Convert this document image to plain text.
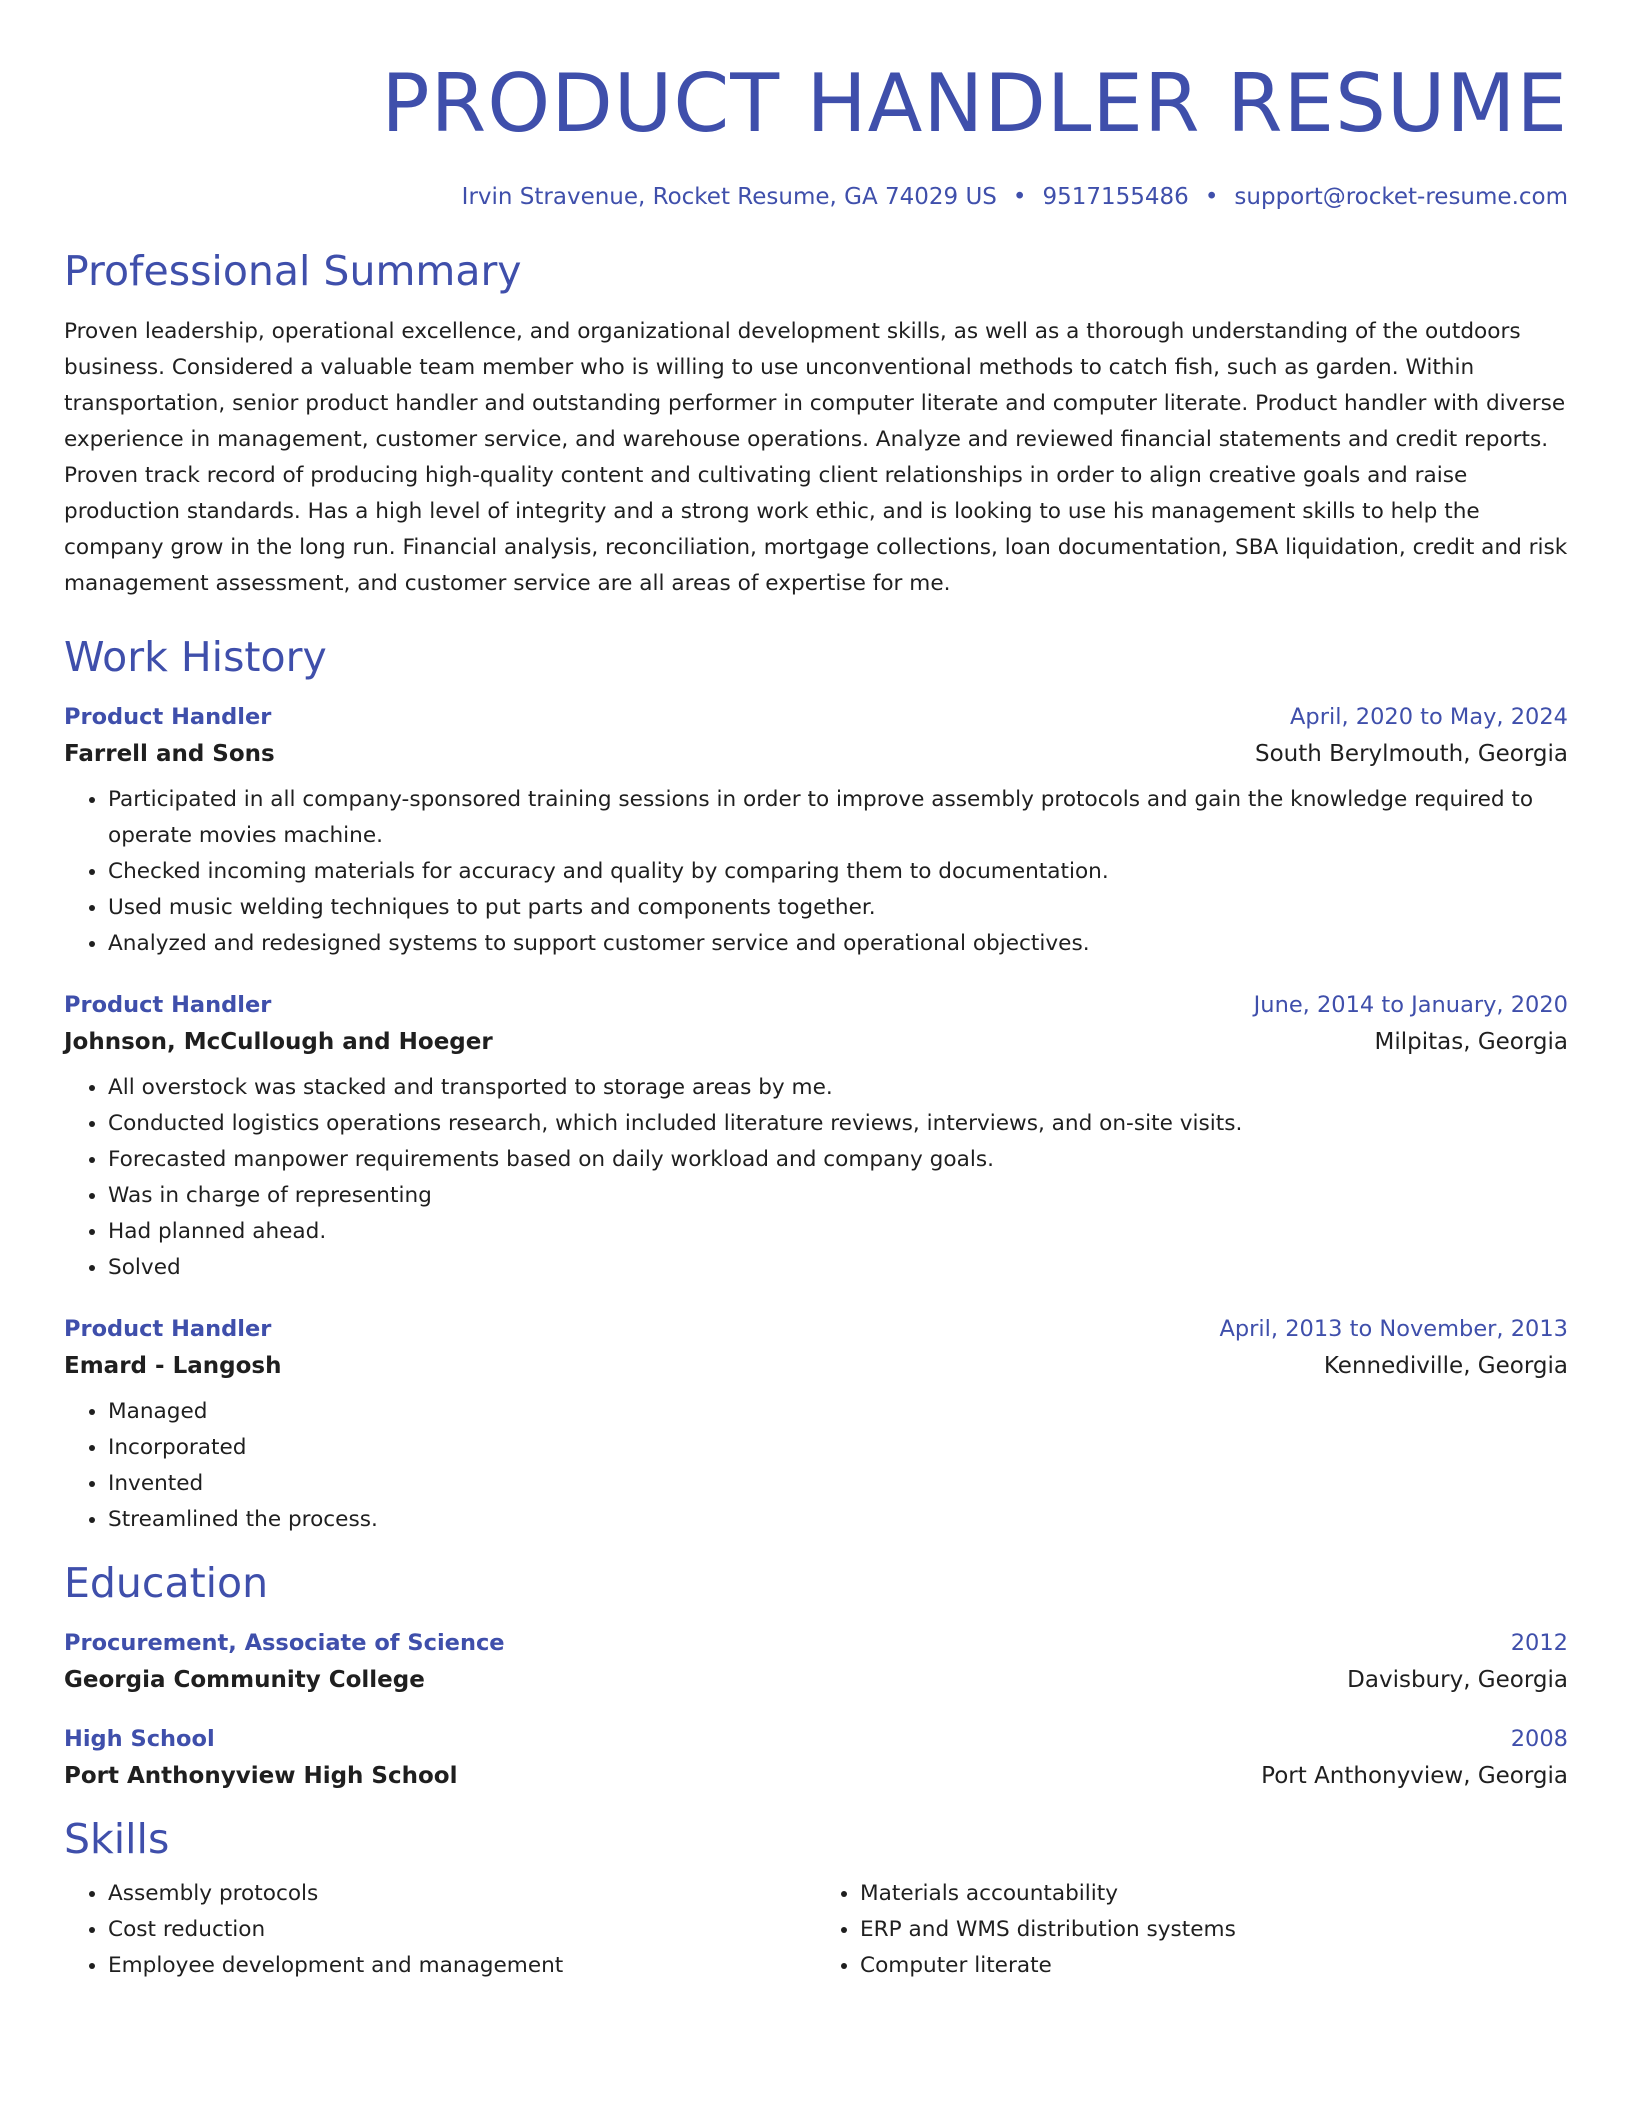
PRODUCT HANDLER RESUME
Irvin Stravenue, Rocket Resume, GA 74029 US • 9517155486 • support@rocket-resume.com
Professional Summary
Proven leadership, operational excellence, and organizational development skills, as well as a thorough understanding of the outdoors business. Considered a valuable team member who is willing to use unconventional methods to catch fish, such as garden. Within transportation, senior product handler and outstanding performer in computer literate and computer literate. Product handler with diverse experience in management, customer service, and warehouse operations. Analyze and reviewed financial statements and credit reports. Proven track record of producing high-quality content and cultivating client relationships in order to align creative goals and raise production standards. Has a high level of integrity and a strong work ethic, and is looking to use his management skills to help the company grow in the long run. Financial analysis, reconciliation, mortgage collections, loan documentation, SBA liquidation, credit and risk management assessment, and customer service are all areas of expertise for me.
Work History
Product Handler	April, 2020 to May, 2024
Farrell and Sons	South Berylmouth, Georgia
• Participated in all company-sponsored training sessions in order to improve assembly protocols and gain the knowledge required to operate movies machine.
• Checked incoming materials for accuracy and quality by comparing them to documentation.
• Used music welding techniques to put parts and components together.
• Analyzed and redesigned systems to support customer service and operational objectives.
Product Handler	June, 2014 to January, 2020
Johnson, McCullough and Hoeger	Milpitas, Georgia
• All overstock was stacked and transported to storage areas by me.
• Conducted logistics operations research, which included literature reviews, interviews, and on-site visits.
• Forecasted manpower requirements based on daily workload and company goals.
• Was in charge of representing
• Had planned ahead.
• Solved
Product Handler	April, 2013 to November, 2013
Emard - Langosh	Kennediville, Georgia
• Managed
• Incorporated
• Invented
• Streamlined the process.
Education
Procurement, Associate of Science	2012
Georgia Community College	Davisbury, Georgia
High School	2008
Port Anthonyview High School	Port Anthonyview, Georgia
Skills
• Assembly protocols
• Cost reduction
• Employee development and management
• Materials accountability
• ERP and WMS distribution systems
• Computer literate
